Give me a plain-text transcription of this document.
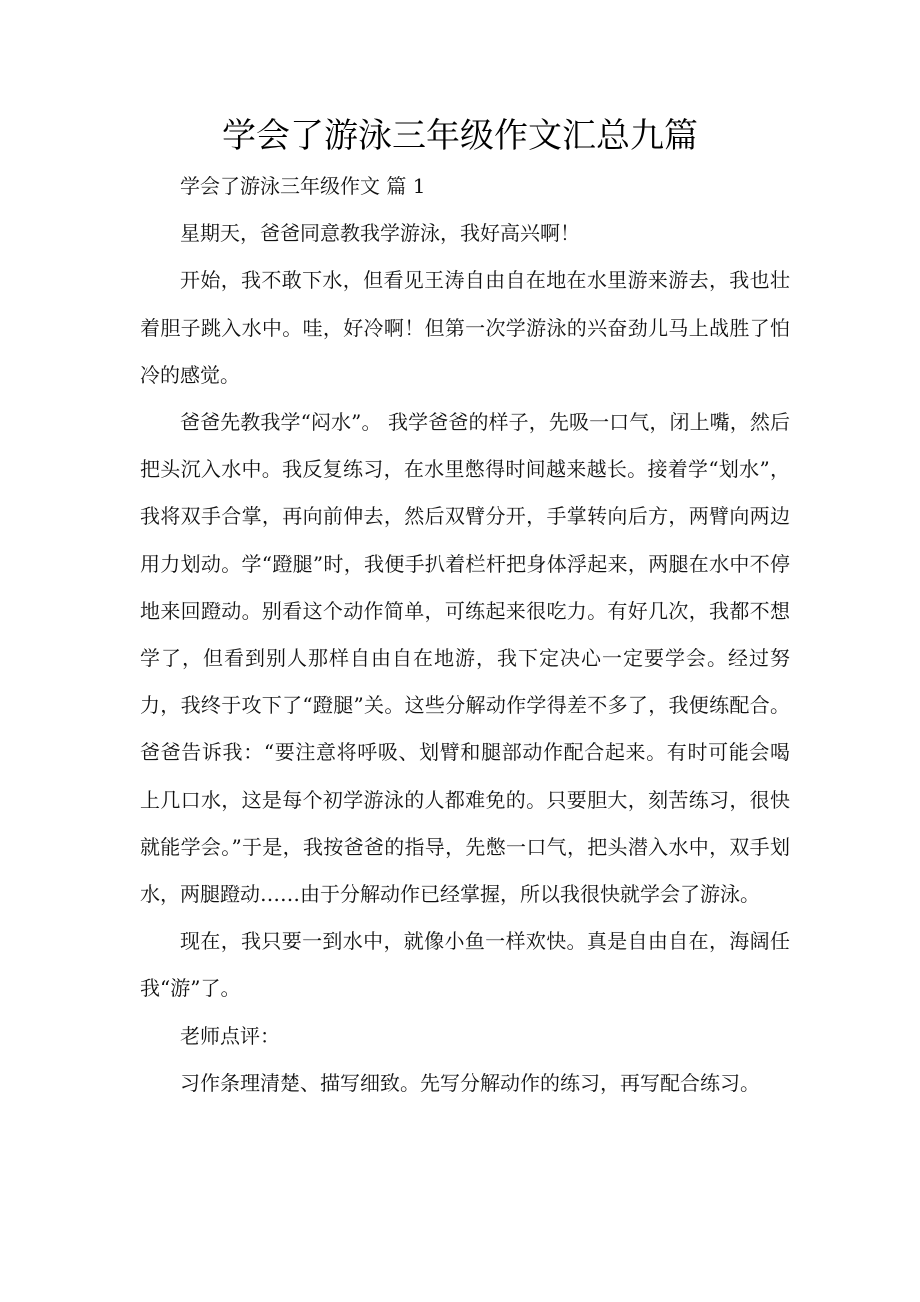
学会了游泳三年级作文汇总九篇

学会了游泳三年级作文 篇 1

星期天，爸爸同意教我学游泳，我好高兴啊！

开始，我不敢下水，但看见王涛自由自在地在水里游来游去，我也壮着胆子跳入水中。哇，好冷啊！但第一次学游泳的兴奋劲儿马上战胜了怕冷的感觉。

爸爸先教我学“闷水”。 我学爸爸的样子，先吸一口气，闭上嘴，然后把头沉入水中。我反复练习，在水里憋得时间越来越长。接着学“划水”，我将双手合掌，再向前伸去，然后双臂分开，手掌转向后方，两臂向两边用力划动。学“蹬腿”时，我便手扒着栏杆把身体浮起来，两腿在水中不停地来回蹬动。别看这个动作简单，可练起来很吃力。有好几次，我都不想学了，但看到别人那样自由自在地游，我下定决心一定要学会。经过努力，我终于攻下了“蹬腿”关。这些分解动作学得差不多了，我便练配合。爸爸告诉我：“要注意将呼吸、划臂和腿部动作配合起来。有时可能会喝上几口水，这是每个初学游泳的人都难免的。只要胆大，刻苦练习，很快就能学会。”于是，我按爸爸的指导，先憋一口气，把头潜入水中，双手划水，两腿蹬动……由于分解动作已经掌握，所以我很快就学会了游泳。

现在，我只要一到水中，就像小鱼一样欢快。真是自由自在，海阔任我“游”了。

老师点评：

习作条理清楚、描写细致。先写分解动作的练习，再写配合练习。
